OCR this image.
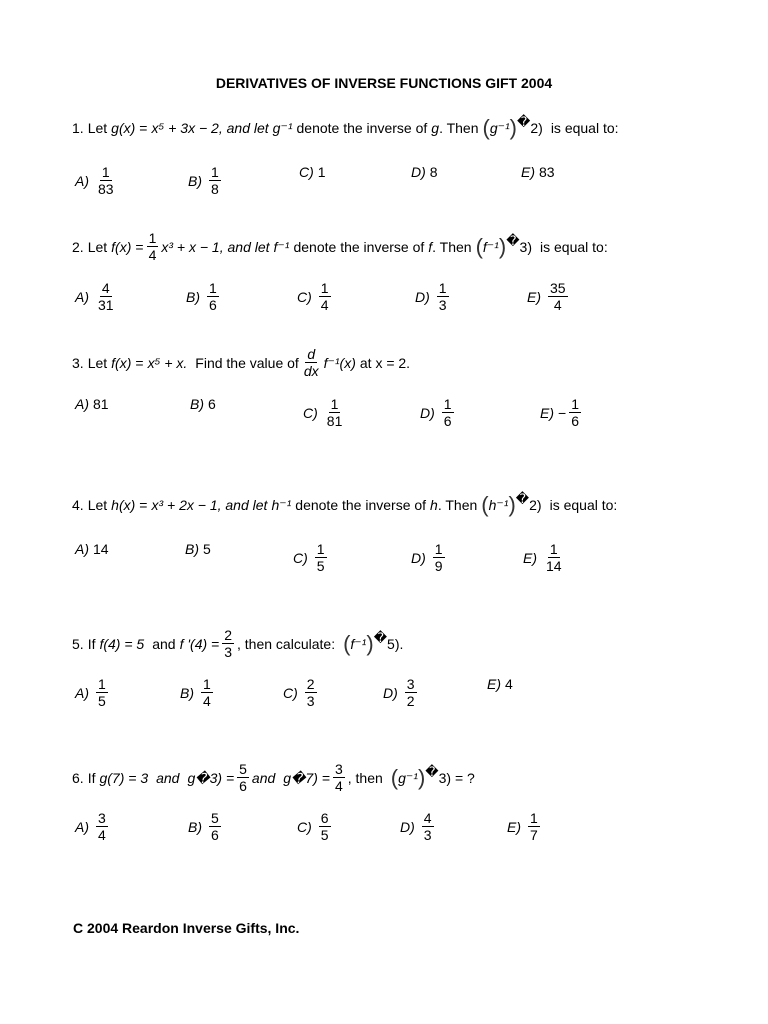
DERIVATIVES OF INVERSE FUNCTIONS GIFT 2004
1. Let g (x) = x⁵ + 3x − 2, and let g⁻¹ denote the inverse of g . Then ( g⁻¹ ) � 2 ) is equal to:
2. Let f $(x) = \frac{1}{4} x^3 + x - 1$, and let f⁻¹ denote the inverse of f . Then ( f⁻¹ ) � 3 ) is equal to:
3. Let f (x) = x⁵ + x. Find the value of $\frac{d}{dx} f^{-1}(x)$ at x = 2.
4. Let h (x) = x³ + 2x − 1, and let h⁻¹ denote the inverse of h . Then ( h⁻¹ ) � 2 ) is equal to:
5. If f(4) = 5 and f '$(4) = \frac{2}{3}$ , then calculate: ( f⁻¹ ) � 5).
6. If g(7) = 3 and g�3) = $\frac{5}{6}$ and g�7) = $\frac{3}{4}$ , then ( g⁻¹ ) � 3) = ?
$A) \frac{1}{83}$	$B) \frac{1}{8}$	C) 1	D) 8	E) 83
$A) \frac{4}{31}$	$B) \frac{1}{6}$	$C) \frac{1}{4}$	$D) \frac{1}{3}$	$E) \frac{35}{4}$
A) 81	B) 6
$C) \frac{1}{81}$	$D) \frac{1}{6}$	$E) - \frac{1}{6}$
A) 14	B) 5
$C) \frac{1}{5}$	$D) \frac{1}{9}$	$E) \frac{1}{14}$
$A) \frac{1}{5}$	$B) \frac{1}{4}$	$C) \frac{2}{3}$	$D) \frac{3}{2}$	E) 4
$A) \frac{3}{4}$	$B) \frac{5}{6}$	$C) \frac{6}{5}$	$D) \frac{4}{3}$	$E) \frac{1}{7}$
C 2004 Reardon Inverse Gifts, Inc.
